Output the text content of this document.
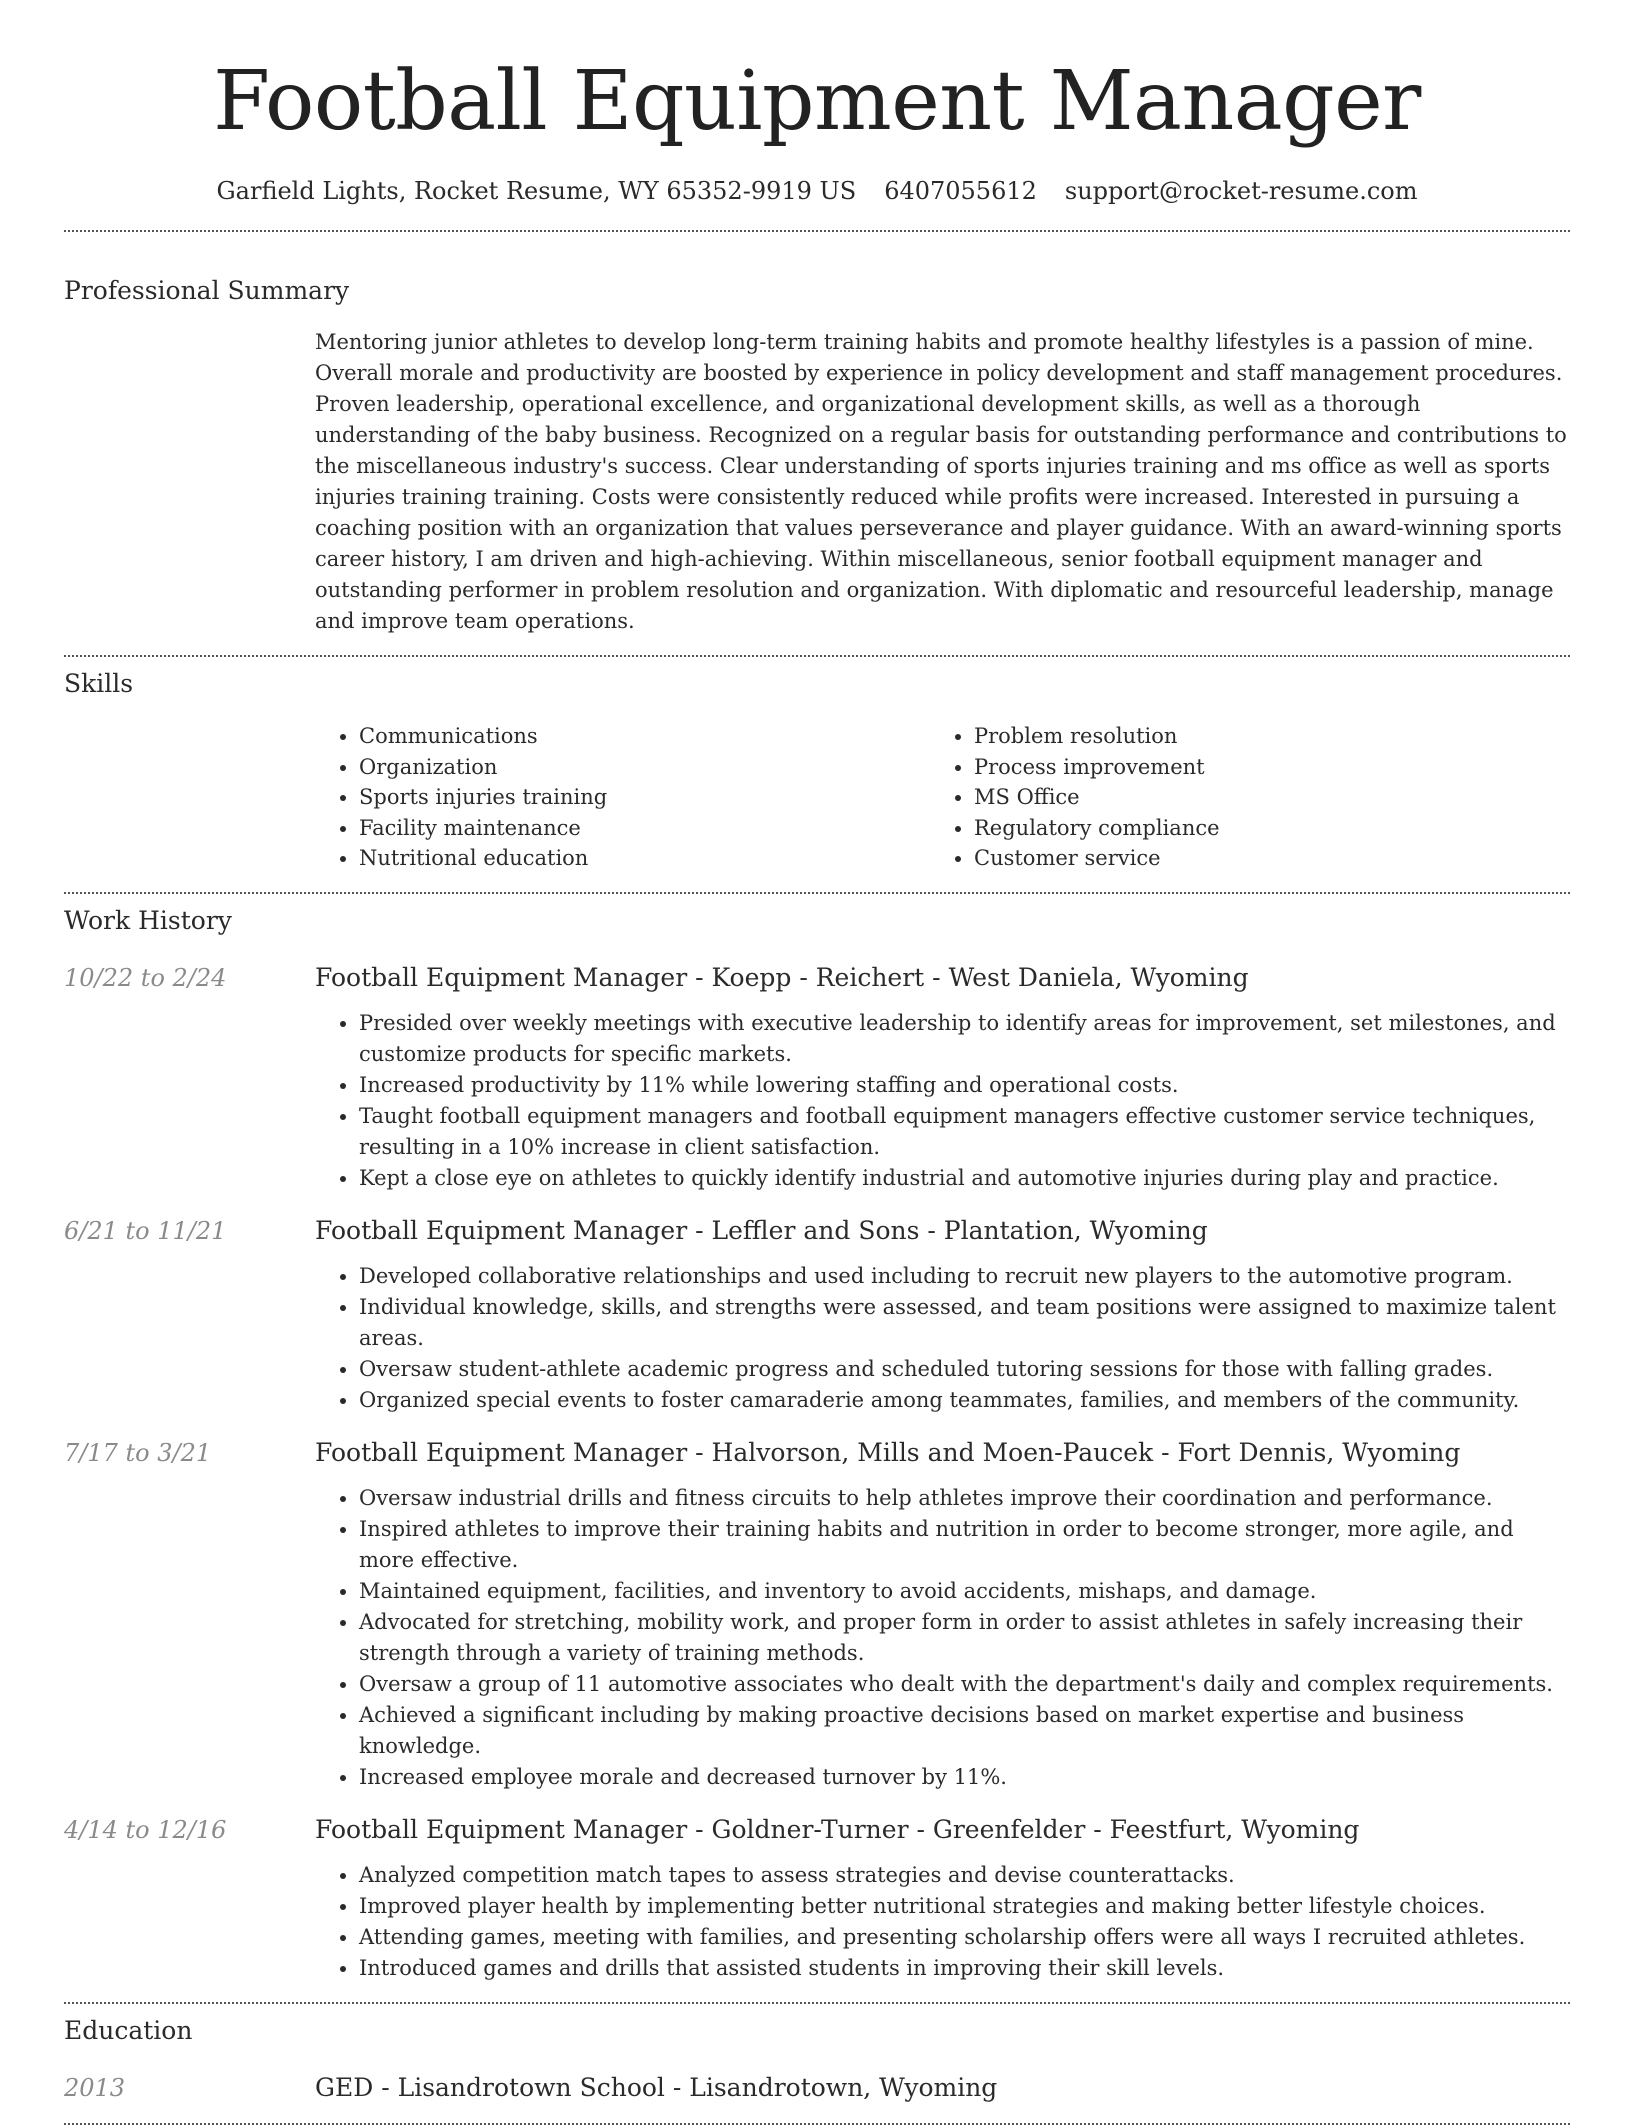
Football Equipment Manager
Garfield Lights, Rocket Resume, WY 65352-9919 US 6407055612 support@rocket-resume.com
Professional Summary
Mentoring junior athletes to develop long-term training habits and promote healthy lifestyles is a passion of mine. Overall morale and productivity are boosted by experience in policy development and staff management procedures. Proven leadership, operational excellence, and organizational development skills, as well as a thorough understanding of the baby business. Recognized on a regular basis for outstanding performance and contributions to the miscellaneous industry's success. Clear understanding of sports injuries training and ms office as well as sports injuries training training. Costs were consistently reduced while profits were increased. Interested in pursuing a coaching position with an organization that values perseverance and player guidance. With an award-winning sports career history, I am driven and high-achieving. Within miscellaneous, senior football equipment manager and outstanding performer in problem resolution and organization. With diplomatic and resourceful leadership, manage and improve team operations.
Skills
• Communications
• Organization
• Sports injuries training
• Facility maintenance
• Nutritional education
• Problem resolution
• Process improvement
• MS Office
• Regulatory compliance
• Customer service
Work History
10/22 to 2/24	Football Equipment Manager - Koepp - Reichert - West Daniela, Wyoming
• Presided over weekly meetings with executive leadership to identify areas for improvement, set milestones, and customize products for specific markets.
• Increased productivity by 11% while lowering staffing and operational costs.
• Taught football equipment managers and football equipment managers effective customer service techniques, resulting in a 10% increase in client satisfaction.
• Kept a close eye on athletes to quickly identify industrial and automotive injuries during play and practice.
6/21 to 11/21	Football Equipment Manager - Leffler and Sons - Plantation, Wyoming
• Developed collaborative relationships and used including to recruit new players to the automotive program.
• Individual knowledge, skills, and strengths were assessed, and team positions were assigned to maximize talent areas.
• Oversaw student-athlete academic progress and scheduled tutoring sessions for those with falling grades.
• Organized special events to foster camaraderie among teammates, families, and members of the community.
7/17 to 3/21	Football Equipment Manager - Halvorson, Mills and Moen-Paucek - Fort Dennis, Wyoming
• Oversaw industrial drills and fitness circuits to help athletes improve their coordination and performance.
• Inspired athletes to improve their training habits and nutrition in order to become stronger, more agile, and more effective.
• Maintained equipment, facilities, and inventory to avoid accidents, mishaps, and damage.
• Advocated for stretching, mobility work, and proper form in order to assist athletes in safely increasing their strength through a variety of training methods.
• Oversaw a group of 11 automotive associates who dealt with the department's daily and complex requirements.
• Achieved a significant including by making proactive decisions based on market expertise and business knowledge.
• Increased employee morale and decreased turnover by 11%.
4/14 to 12/16	Football Equipment Manager - Goldner-Turner - Greenfelder - Feestfurt, Wyoming
• Analyzed competition match tapes to assess strategies and devise counterattacks.
• Improved player health by implementing better nutritional strategies and making better lifestyle choices.
• Attending games, meeting with families, and presenting scholarship offers were all ways I recruited athletes.
• Introduced games and drills that assisted students in improving their skill levels.
Education
2013	GED - Lisandrotown School - Lisandrotown, Wyoming
